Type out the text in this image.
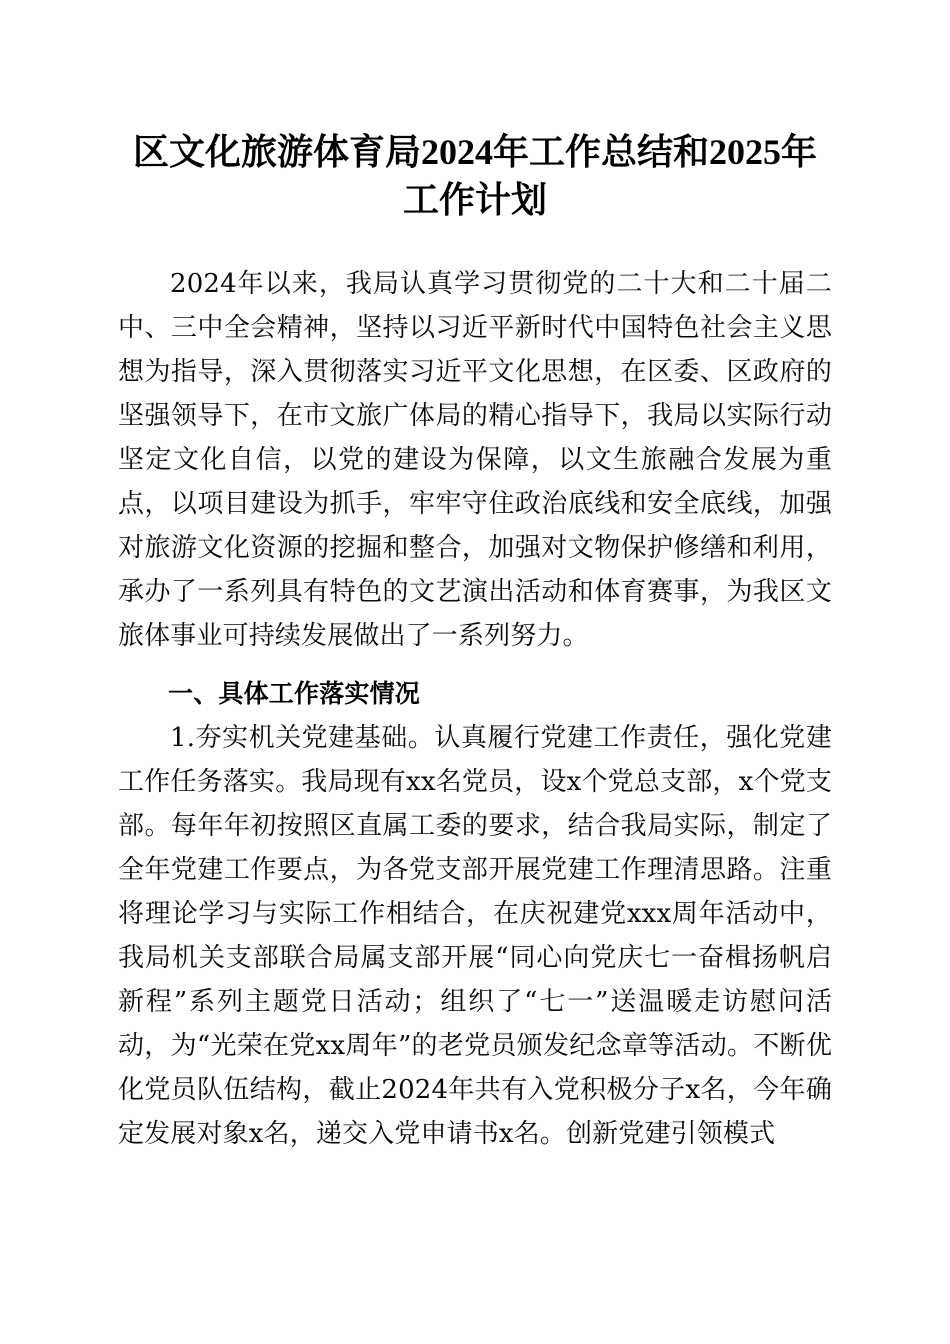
区文化旅游体育局2024年工作总结和2025年工作计划

2024年以来，我局认真学习贯彻党的二十大和二十届二中、三中全会精神，坚持以习近平新时代中国特色社会主义思想为指导，深入贯彻落实习近平文化思想，在区委、区政府的坚强领导下，在市文旅广体局的精心指导下，我局以实际行动坚定文化自信，以党的建设为保障，以文生旅融合发展为重点，以项目建设为抓手，牢牢守住政治底线和安全底线，加强对旅游文化资源的挖掘和整合，加强对文物保护修缮和利用，承办了一系列具有特色的文艺演出活动和体育赛事，为我区文旅体事业可持续发展做出了一系列努力。

一、具体工作落实情况

1.夯实机关党建基础。认真履行党建工作责任，强化党建工作任务落实。我局现有xx名党员，设x个党总支部，x个党支部。每年年初按照区直属工委的要求，结合我局实际，制定了全年党建工作要点，为各党支部开展党建工作理清思路。注重将理论学习与实际工作相结合，在庆祝建党xxx周年活动中，我局机关支部联合局属支部开展“同心向党庆七一奋楫扬帆启新程”系列主题党日活动；组织了“七一”送温暖走访慰问活动，为“光荣在党xx周年”的老党员颁发纪念章等活动。不断优化党员队伍结构，截止2024年共有入党积极分子x名，今年确定发展对象x名，递交入党申请书x名。创新党建引领模式
